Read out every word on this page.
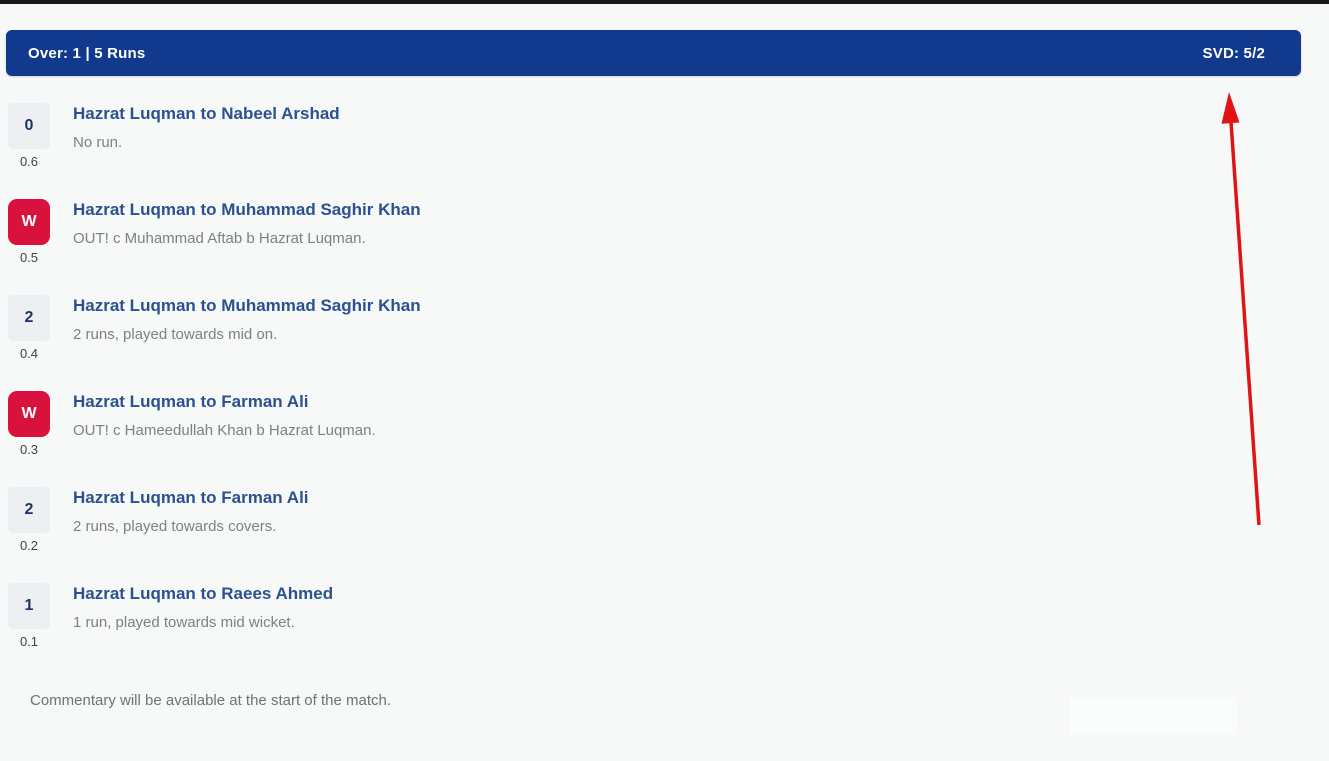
Over: 1 | 5 Runs	SVD: 5/2
0
0.6
Hazrat Luqman to Nabeel Arshad
No run.
W
0.5
Hazrat Luqman to Muhammad Saghir Khan
OUT! c Muhammad Aftab b Hazrat Luqman.
2
0.4
Hazrat Luqman to Muhammad Saghir Khan
2 runs, played towards mid on.
W
0.3
Hazrat Luqman to Farman Ali
OUT! c Hameedullah Khan b Hazrat Luqman.
2
0.2
Hazrat Luqman to Farman Ali
2 runs, played towards covers.
1
0.1
Hazrat Luqman to Raees Ahmed
1 run, played towards mid wicket.
Commentary will be available at the start of the match.
